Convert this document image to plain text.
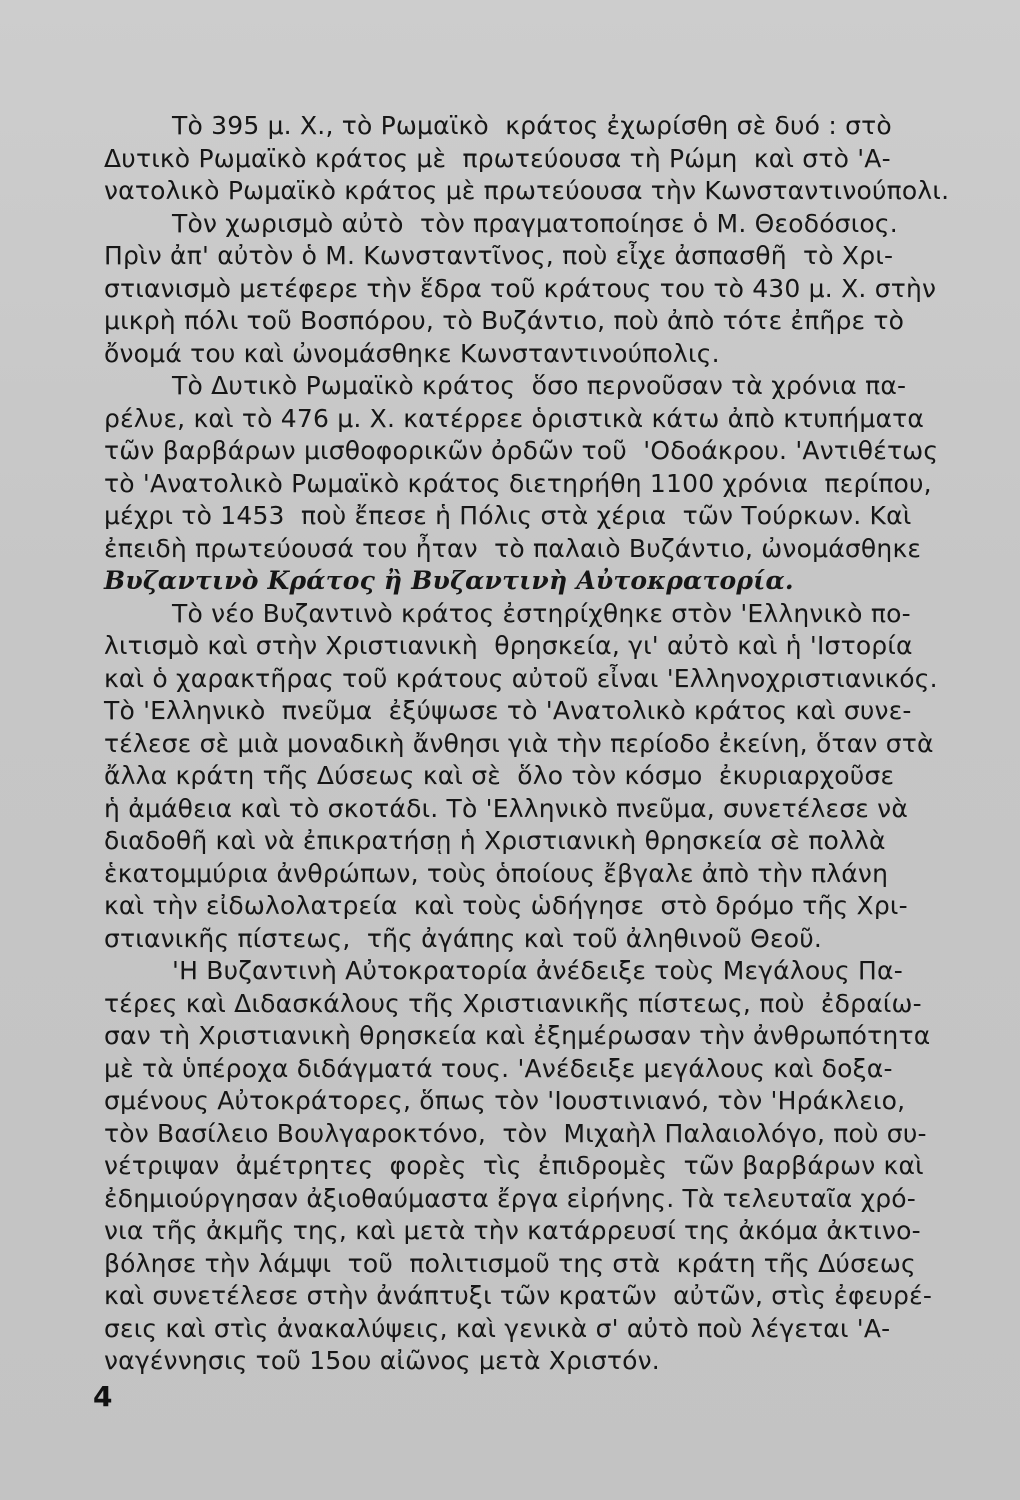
Τὸ 395 μ. Χ., τὸ Ρωμαϊκὸ  κράτος ἐχωρίσθη σὲ δυό : στὸ
Δυτικὸ Ρωμαϊκὸ κράτος μὲ  πρωτεύουσα τὴ Ρώμη  καὶ στὸ 'Α-
νατολικὸ Ρωμαϊκὸ κράτος μὲ πρωτεύουσα τὴν Κωνσταντινούπολι.
Τὸν χωρισμὸ αὐτὸ  τὸν πραγματοποίησε ὁ Μ. Θεοδόσιος.
Πρὶν ἀπ' αὐτὸν ὁ Μ. Κωνσταντῖνος, ποὺ εἶχε ἀσπασθῆ  τὸ Χρι-
στιανισμὸ μετέφερε τὴν ἕδρα τοῦ κράτους του τὸ 430 μ. Χ. στὴν
μικρὴ πόλι τοῦ Βοσπόρου, τὸ Βυζάντιο, ποὺ ἀπὸ τότε ἐπῆρε τὸ
ὄνομά του καὶ ὠνομάσθηκε Κωνσταντινούπολις.
Τὸ Δυτικὸ Ρωμαϊκὸ κράτος  ὅσο περνοῦσαν τὰ χρόνια πα-
ρέλυε, καὶ τὸ 476 μ. Χ. κατέρρεε ὁριστικὰ κάτω ἀπὸ κτυπήματα
τῶν βαρβάρων μισθοφορικῶν ὀρδῶν τοῦ  'Οδοάκρου. 'Αντιθέτως
τὸ 'Ανατολικὸ Ρωμαϊκὸ κράτος διετηρήθη 1100 χρόνια  περίπου,
μέχρι τὸ 1453  ποὺ ἔπεσε ἡ Πόλις στὰ χέρια  τῶν Τούρκων. Καὶ
ἐπειδὴ πρωτεύουσά του ἦταν  τὸ παλαιὸ Βυζάντιο, ὠνομάσθηκε
Βυζαντινὸ Κράτος ἢ Βυζαντινὴ Αὐτοκρατορία.
Τὸ νέο Βυζαντινὸ κράτος ἐστηρίχθηκε στὸν 'Ελληνικὸ πο-
λιτισμὸ καὶ στὴν Χριστιανικὴ  θρησκεία, γι' αὐτὸ καὶ ἡ 'Ιστορία
καὶ ὁ χαρακτῆρας τοῦ κράτους αὐτοῦ εἶναι 'Ελληνοχριστιανικός.
Τὸ 'Ελληνικὸ  πνεῦμα  ἐξύψωσε τὸ 'Ανατολικὸ κράτος καὶ συνε-
τέλεσε σὲ μιὰ μοναδικὴ ἄνθησι γιὰ τὴν περίοδο ἐκείνη, ὅταν στὰ
ἄλλα κράτη τῆς Δύσεως καὶ σὲ  ὅλο τὸν κόσμο  ἐκυριαρχοῦσε
ἡ ἀμάθεια καὶ τὸ σκοτάδι. Τὸ 'Ελληνικὸ πνεῦμα, συνετέλεσε νὰ
διαδοθῆ καὶ νὰ ἐπικρατήσῃ ἡ Χριστιανικὴ θρησκεία σὲ πολλὰ
ἑκατομμύρια ἀνθρώπων, τοὺς ὁποίους ἔβγαλε ἀπὸ τὴν πλάνη
καὶ τὴν εἰδωλολατρεία  καὶ τοὺς ὡδήγησε  στὸ δρόμο τῆς Χρι-
στιανικῆς πίστεως,  τῆς ἀγάπης καὶ τοῦ ἀληθινοῦ Θεοῦ.
'Η Βυζαντινὴ Αὐτοκρατορία ἀνέδειξε τοὺς Μεγάλους Πα-
τέρες καὶ Διδασκάλους τῆς Χριστιανικῆς πίστεως, ποὺ  ἐδραίω-
σαν τὴ Χριστιανικὴ θρησκεία καὶ ἐξημέρωσαν τὴν ἀνθρωπότητα
μὲ τὰ ὑπέροχα διδάγματά τους. 'Ανέδειξε μεγάλους καὶ δοξα-
σμένους Αὐτοκράτορες, ὅπως τὸν 'Ιουστινιανό, τὸν 'Ηράκλειο,
τὸν Βασίλειο Βουλγαροκτόνο,  τὸν  Μιχαὴλ Παλαιολόγο, ποὺ συ-
νέτριψαν  ἀμέτρητες  φορὲς  τὶς  ἐπιδρομὲς  τῶν βαρβάρων καὶ
ἐδημιούργησαν ἀξιοθαύμαστα ἔργα εἰρήνης. Τὰ τελευταῖα χρό-
νια τῆς ἀκμῆς της, καὶ μετὰ τὴν κατάρρευσί της ἀκόμα ἀκτινο-
βόλησε τὴν λάμψι  τοῦ  πολιτισμοῦ της στὰ  κράτη τῆς Δύσεως
καὶ συνετέλεσε στὴν ἀνάπτυξι τῶν κρατῶν  αὐτῶν, στὶς ἐφευρέ-
σεις καὶ στὶς ἀνακαλύψεις, καὶ γενικὰ σ' αὐτὸ ποὺ λέγεται 'Α-
ναγέννησις τοῦ 15ου αἰῶνος μετὰ Χριστόν.
4
